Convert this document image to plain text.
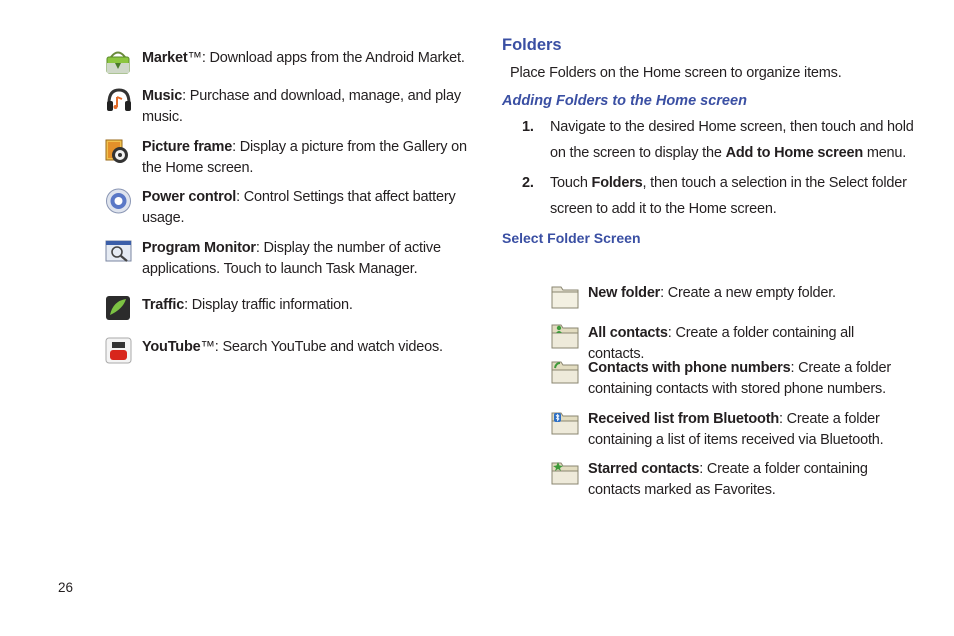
Market™: Download apps from the Android Market.
Music: Purchase and download, manage, and play music.
Picture frame: Display a picture from the Gallery on the Home screen.
Power control: Control Settings that affect battery usage.
Program Monitor: Display the number of active applications. Touch to launch Task Manager.
Traffic: Display traffic information.
YouTube™: Search YouTube and watch videos.
Folders
Place Folders on the Home screen to organize items.
Adding Folders to the Home screen
1. Navigate to the desired Home screen, then touch and hold on the screen to display the Add to Home screen menu.
2. Touch Folders, then touch a selection in the Select folder screen to add it to the Home screen.
Select Folder Screen
New folder: Create a new empty folder.
All contacts: Create a folder containing all contacts.
Contacts with phone numbers: Create a folder containing contacts with stored phone numbers.
Received list from Bluetooth: Create a folder containing a list of items received via Bluetooth.
Starred contacts: Create a folder containing contacts marked as Favorites.
26
